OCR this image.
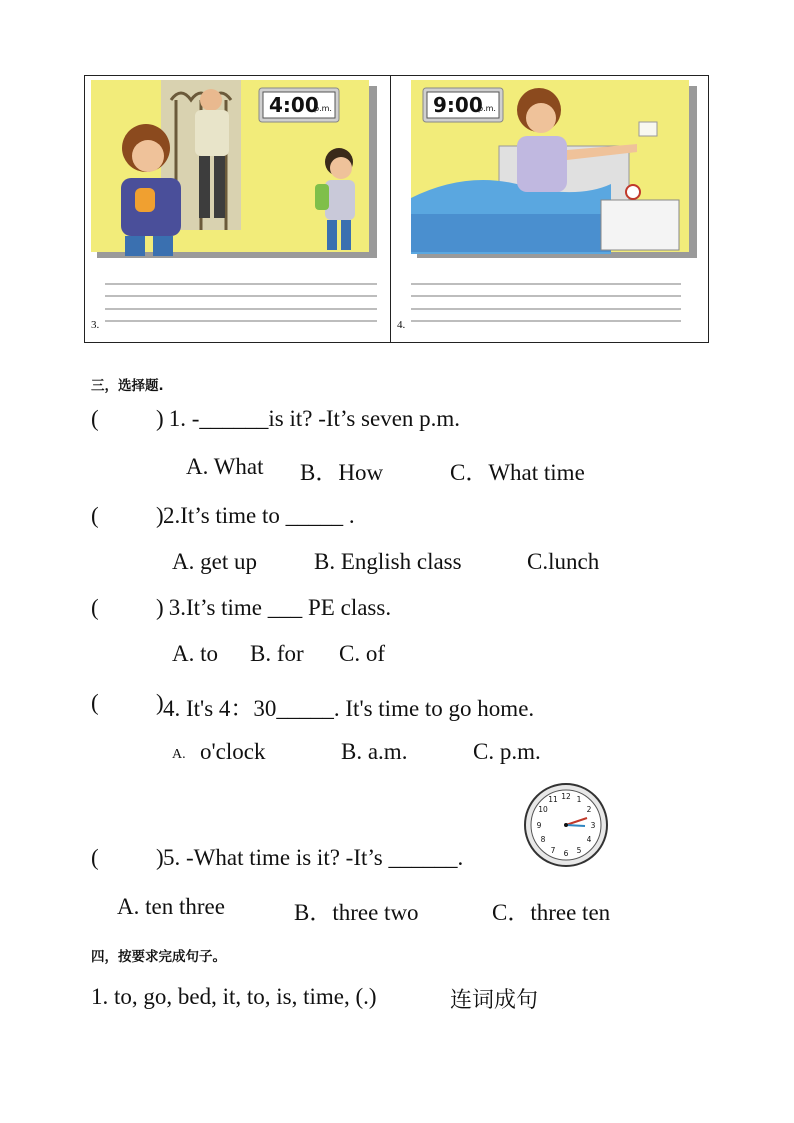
4:00
p.m.
3.
9:00
p.m.
4.
三，选择题.
( ) 1. -______is it? -It’s seven p.m.
A. What B．How	C．What time
( ) 2.It’s time to _____ .
A. get up B. English class	C.lunch
( ) 3.It’s time ___ PE class.
A. to B. for C. of
( ) 4. It's 4：30_____. It's time to go home.
A. o'clock	B. a.m.	C. p.m.
12 1
2
3
4
5
6
7
8
9
10
11
( ) 5. -What time is it? -It’s ______.
A. ten three	B．three two	C．three ten
四，按要求完成句子。
1. to, go, bed, it, to, is, time, (.)	连词成句
